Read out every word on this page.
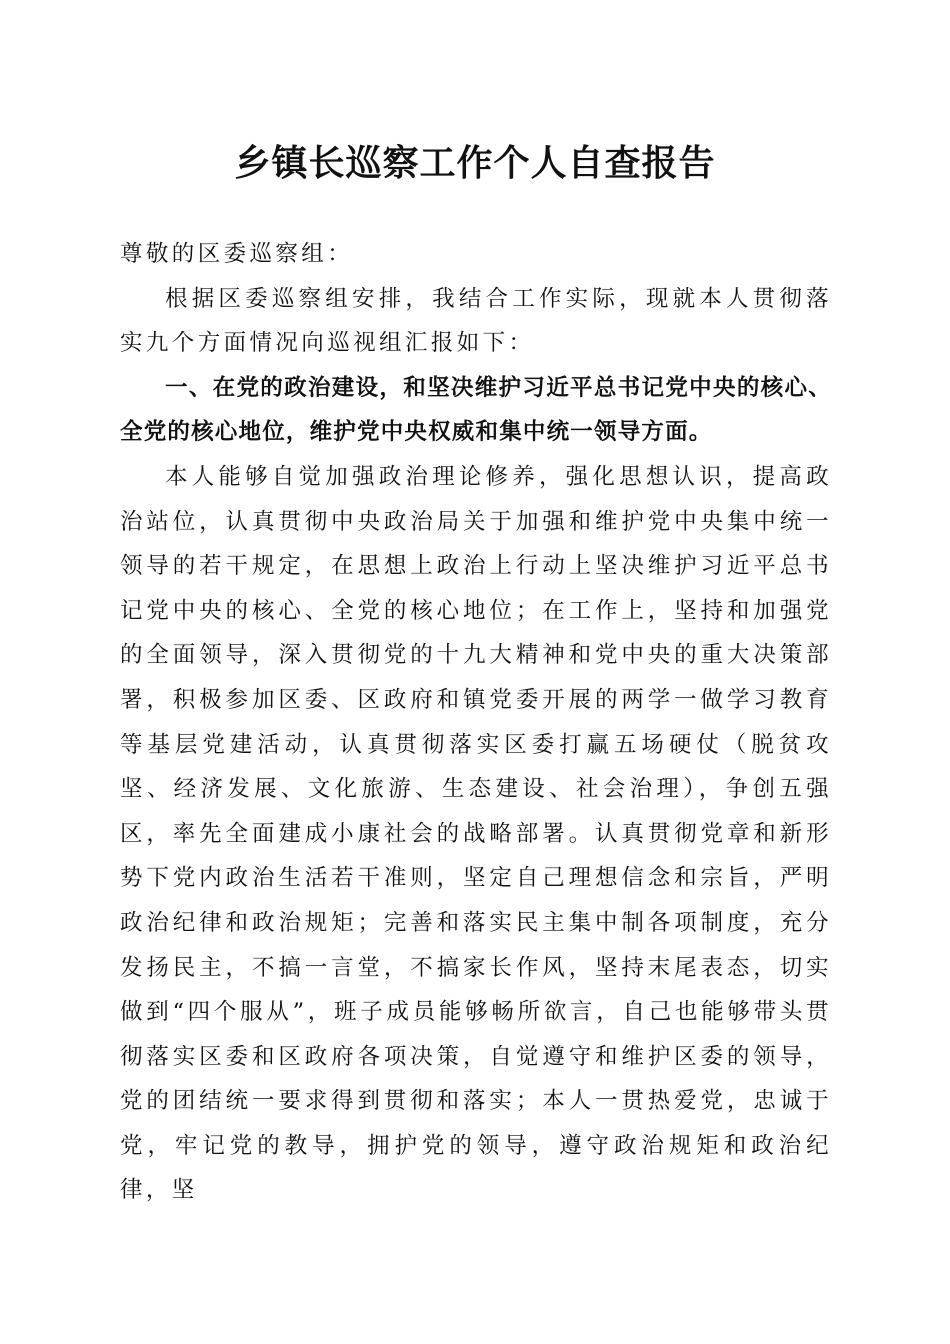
乡镇长巡察工作个人自查报告

尊敬的区委巡察组：

根据区委巡察组安排，我结合工作实际，现就本人贯彻落实九个方面情况向巡视组汇报如下：

一、在党的政治建设，和坚决维护习近平总书记党中央的核心、全党的核心地位，维护党中央权威和集中统一领导方面。

本人能够自觉加强政治理论修养，强化思想认识，提高政治站位，认真贯彻中央政治局关于加强和维护党中央集中统一领导的若干规定，在思想上政治上行动上坚决维护习近平总书记党中央的核心、全党的核心地位；在工作上，坚持和加强党的全面领导，深入贯彻党的十九大精神和党中央的重大决策部署，积极参加区委、区政府和镇党委开展的两学一做学习教育等基层党建活动，认真贯彻落实区委打赢五场硬仗（脱贫攻坚、经济发展、文化旅游、生态建设、社会治理），争创五强区，率先全面建成小康社会的战略部署。认真贯彻党章和新形势下党内政治生活若干准则，坚定自己理想信念和宗旨，严明政治纪律和政治规矩；完善和落实民主集中制各项制度，充分发扬民主，不搞一言堂，不搞家长作风，坚持末尾表态，切实做到“四个服从”，班子成员能够畅所欲言，自己也能够带头贯彻落实区委和区政府各项决策，自觉遵守和维护区委的领导，党的团结统一要求得到贯彻和落实；本人一贯热爱党，忠诚于党，牢记党的教导，拥护党的领导，遵守政治规矩和政治纪律，坚
